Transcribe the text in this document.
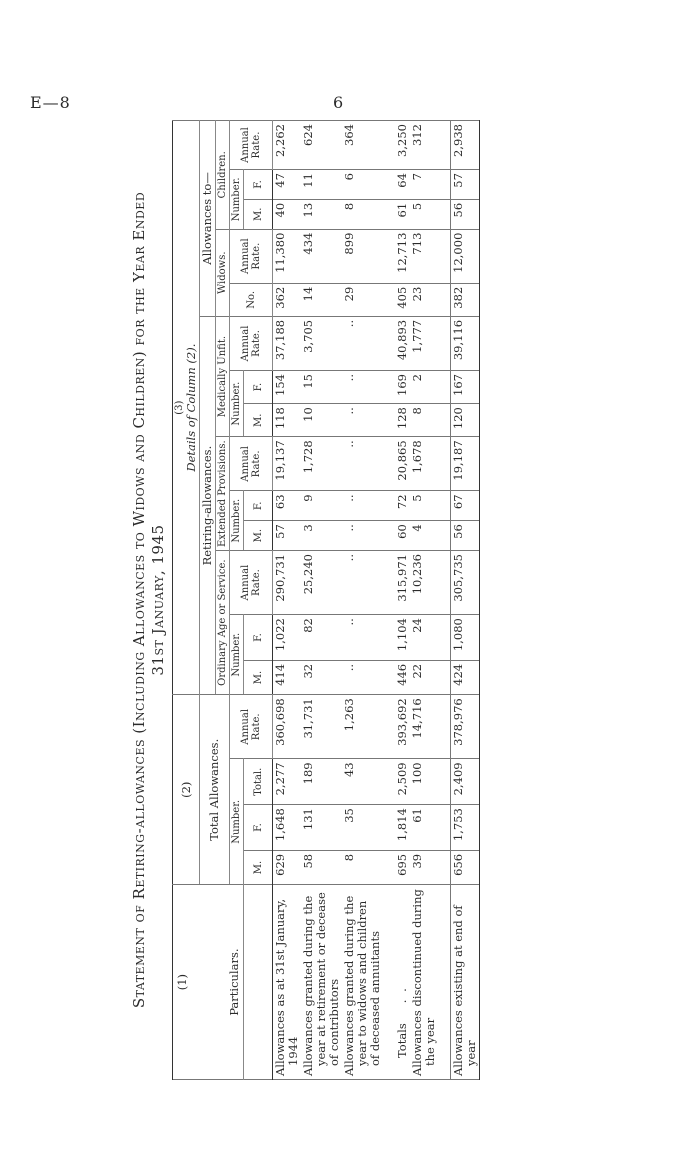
E—8	6
Statement of Retiring-allowances (Including Allowances to Widows and Children) for the Year Ended 31st January, 1945
(1) Particulars.	(2)				(3) Details of Column (2).													

	Total Allowances.				Retiring-allowances.									Allowances to—				
					Ordinary Age or Service.			Extended Provisions.			Medically Unfit.			Widows.		Children.		
	Number.			Annual Rate.	Number.		Annual Rate.	Number.		Annual Rate.	Number.		Annual Rate.	No.	Annual Rate.	Number.		Annual Rate.
	M.	F.	Total.		M.	F.		M.	F.		M.	F.				M.	F.	

Allowances as at 31st January, 1944	629	1,648	2,277	360,698	414	1,022	290,731	57	63	19,137	118	154	37,188	362	11,380	40	47	2,262

Allowances granted during the year at retirement or decease of contributors	58	131	189	31,731	32	82	25,240	3	9	1,728	10	15	3,705	14	434	13	11	624

Allowances granted during the year to widows and children of deceased annuitants	8	35	43	1,263	..	..	..	..	..	..	..	..	..	29	899	8	6	364

Totals. .	695	1,814	2,509	393,692	446	1,104	315,971	60	72	20,865	128	169	40,893	405	12,713	61	64	3,250

Allowances discontinued during the year	39	61	100	14,716	22	24	10,236	4	5	1,678	8	2	1,777	23	713	5	7	312

Allowances existing at end of year	656	1,753	2,409	378,976	424	1,080	305,735	56	67	19,187	120	167	39,116	382	12,000	56	57	2,938
